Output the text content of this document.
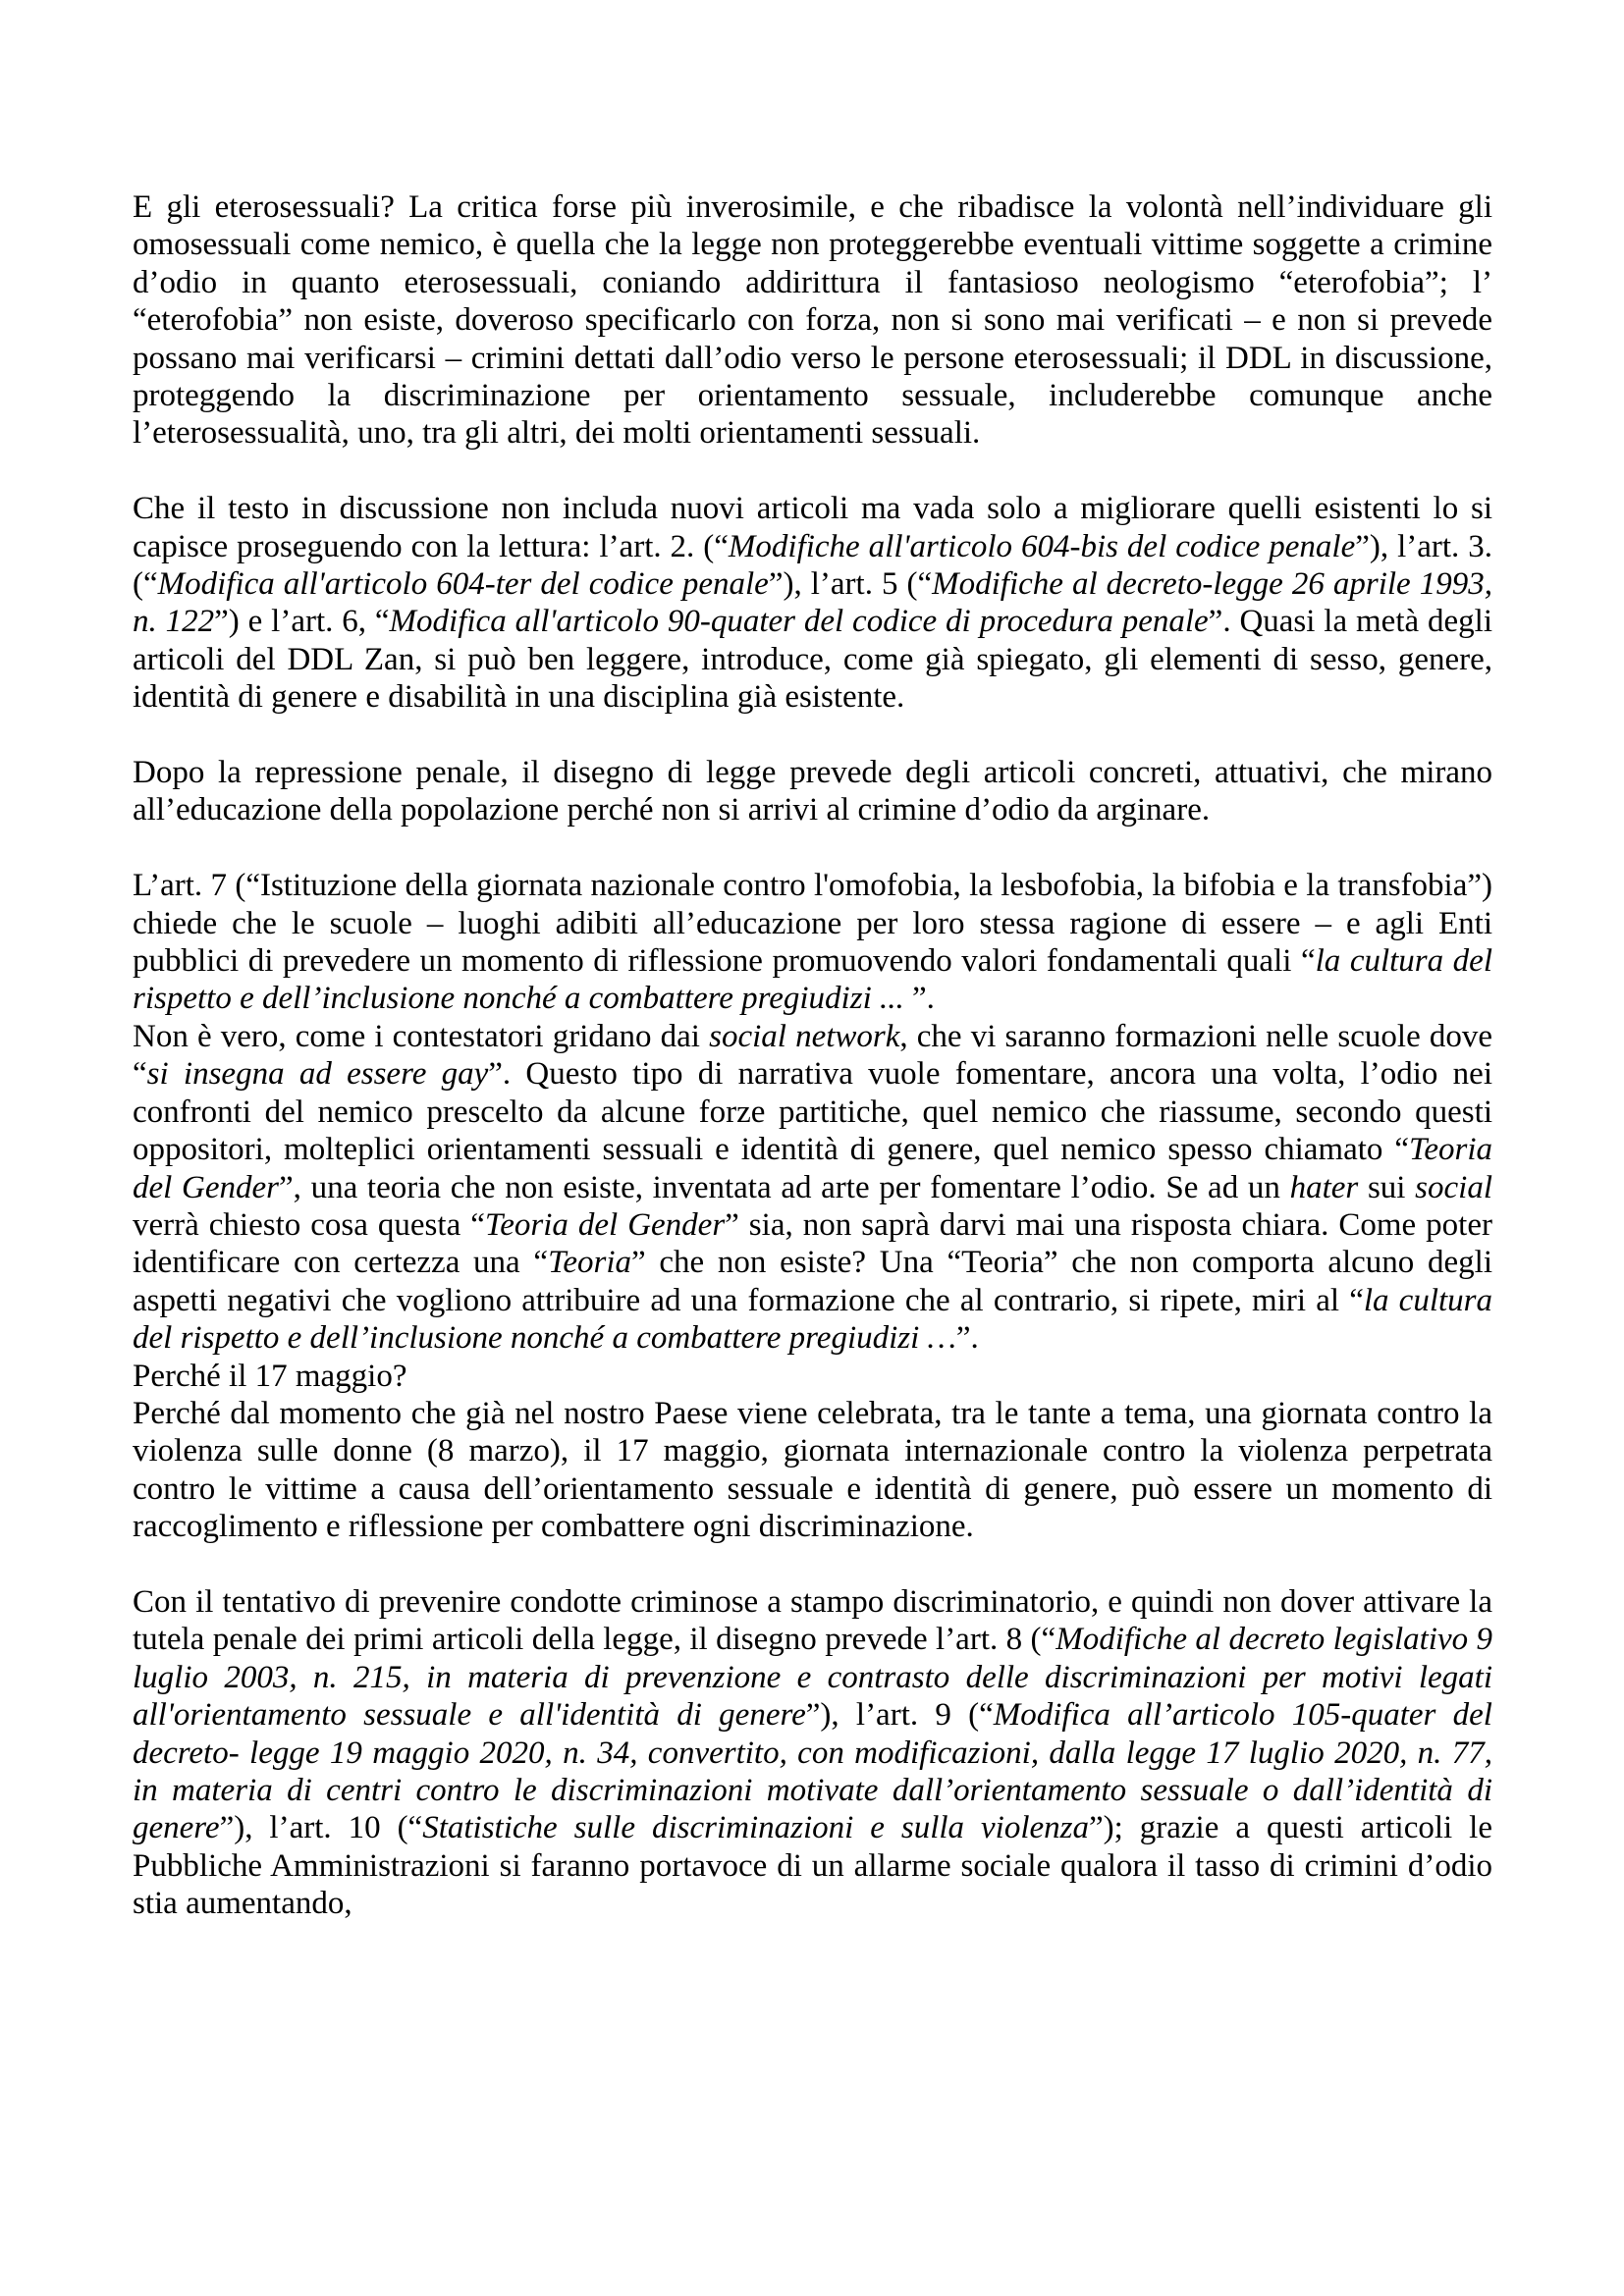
E gli eterosessuali? La critica forse più inverosimile, e che ribadisce la volontà nell’individuare gli omosessuali come nemico, è quella che la legge non proteggerebbe eventuali vittime soggette a crimine d’odio in quanto eterosessuali, coniando addirittura il fantasioso neologismo “eterofobia”; l’ “eterofobia” non esiste, doveroso specificarlo con forza, non si sono mai verificati – e non si prevede possano mai verificarsi – crimini dettati dall’odio verso le persone eterosessuali; il DDL in discussione, proteggendo la discriminazione per orientamento sessuale, includerebbe comunque anche l’eterosessualità, uno, tra gli altri, dei molti orientamenti sessuali.

Che il testo in discussione non includa nuovi articoli ma vada solo a migliorare quelli esistenti lo si capisce proseguendo con la lettura: l’art. 2. (“Modifiche all'articolo 604-bis del codice penale”), l’art. 3. (“Modifica all'articolo 604-ter del codice penale”), l’art. 5 (“Modifiche al decreto-legge 26 aprile 1993, n. 122”) e l’art. 6, “Modifica all'articolo 90-quater del codice di procedura penale”. Quasi la metà degli articoli del DDL Zan, si può ben leggere, introduce, come già spiegato, gli elementi di sesso, genere, identità di genere e disabilità in una disciplina già esistente.

Dopo la repressione penale, il disegno di legge prevede degli articoli concreti, attuativi, che mirano all’educazione della popolazione perché non si arrivi al crimine d’odio da arginare.

L’art. 7 (“Istituzione della giornata nazionale contro l'omofobia, la lesbofobia, la bifobia e la transfobia”) chiede che le scuole – luoghi adibiti all’educazione per loro stessa ragione di essere – e agli Enti pubblici di prevedere un momento di riflessione promuovendo valori fondamentali quali “la cultura del rispetto e dell’inclusione nonché a combattere pregiudizi ... ”.

Non è vero, come i contestatori gridano dai social network, che vi saranno formazioni nelle scuole dove “si insegna ad essere gay”. Questo tipo di narrativa vuole fomentare, ancora una volta, l’odio nei confronti del nemico prescelto da alcune forze partitiche, quel nemico che riassume, secondo questi oppositori, molteplici orientamenti sessuali e identità di genere, quel nemico spesso chiamato “Teoria del Gender”, una teoria che non esiste, inventata ad arte per fomentare l’odio. Se ad un hater sui social verrà chiesto cosa questa “Teoria del Gender” sia, non saprà darvi mai una risposta chiara. Come poter identificare con certezza una “Teoria” che non esiste? Una “Teoria” che non comporta alcuno degli aspetti negativi che vogliono attribuire ad una formazione che al contrario, si ripete, miri al “la cultura del rispetto e dell’inclusione nonché a combattere pregiudizi …”.

Perché il 17 maggio?

Perché dal momento che già nel nostro Paese viene celebrata, tra le tante a tema, una giornata contro la violenza sulle donne (8 marzo), il 17 maggio, giornata internazionale contro la violenza perpetrata contro le vittime a causa dell’orientamento sessuale e identità di genere, può essere un momento di raccoglimento e riflessione per combattere ogni discriminazione.

Con il tentativo di prevenire condotte criminose a stampo discriminatorio, e quindi non dover attivare la tutela penale dei primi articoli della legge, il disegno prevede l’art. 8 (“Modifiche al decreto legislativo 9 luglio 2003, n. 215, in materia di prevenzione e contrasto delle discriminazioni per motivi legati all'orientamento sessuale e all'identità di genere”), l’art. 9 (“Modifica all’articolo 105-quater del decreto- legge 19 maggio 2020, n. 34, convertito, con modificazioni, dalla legge 17 luglio 2020, n. 77, in materia di centri contro le discriminazioni motivate dall’orientamento sessuale o dall’identità di genere”), l’art. 10 (“Statistiche sulle discriminazioni e sulla violenza”); grazie a questi articoli le Pubbliche Amministrazioni si faranno portavoce di un allarme sociale qualora il tasso di crimini d’odio stia aumentando,
